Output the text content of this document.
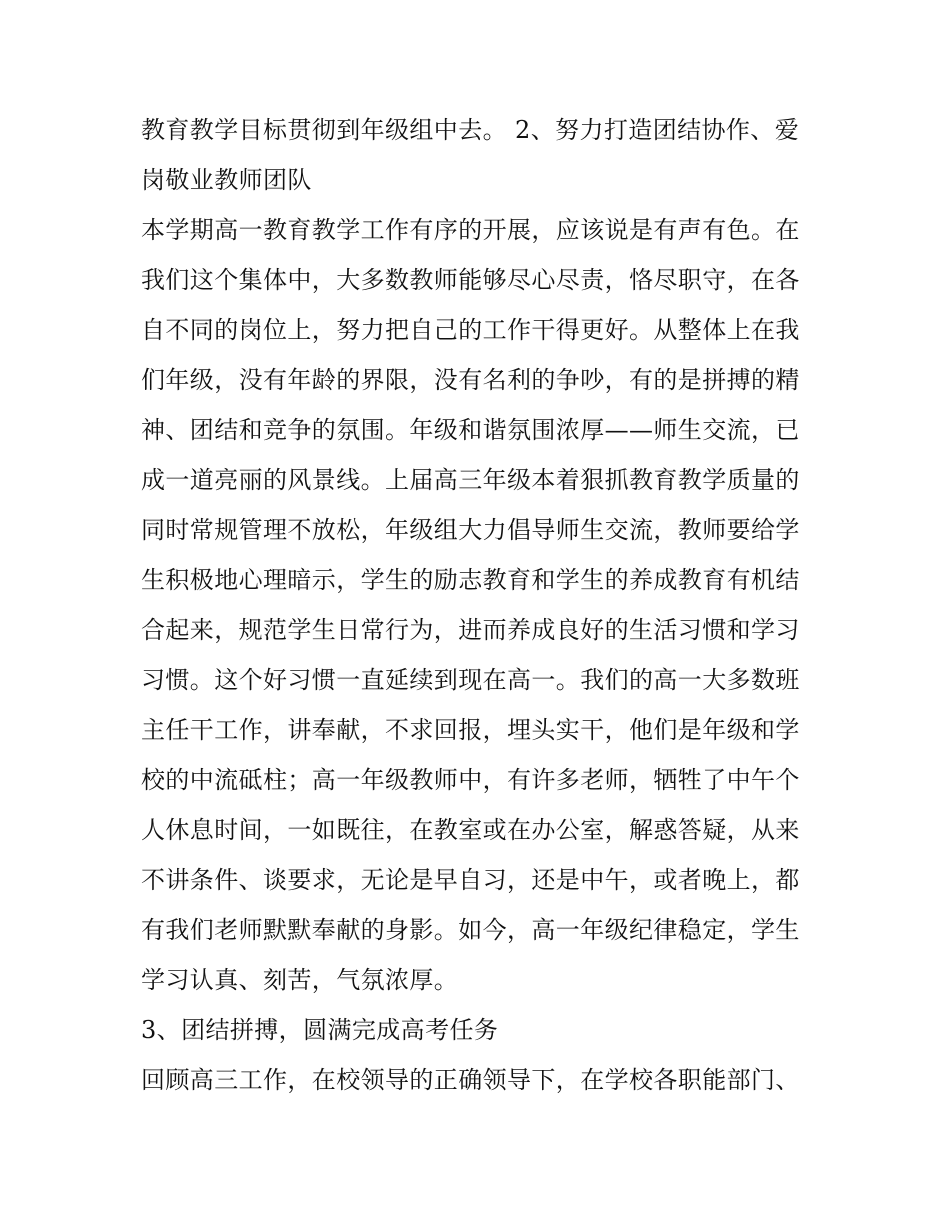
教育教学目标贯彻到年级组中去。 2、努力打造团结协作、爱
岗敬业教师团队
本学期高一教育教学工作有序的开展，应该说是有声有色。在
我们这个集体中，大多数教师能够尽心尽责，恪尽职守，在各
自不同的岗位上，努力把自己的工作干得更好。从整体上在我
们年级，没有年龄的界限，没有名利的争吵，有的是拼搏的精
神、团结和竞争的氛围。年级和谐氛围浓厚——师生交流，已
成一道亮丽的风景线。上届高三年级本着狠抓教育教学质量的
同时常规管理不放松，年级组大力倡导师生交流，教师要给学
生积极地心理暗示，学生的励志教育和学生的养成教育有机结
合起来，规范学生日常行为，进而养成良好的生活习惯和学习
习惯。这个好习惯一直延续到现在高一。我们的高一大多数班
主任干工作，讲奉献，不求回报，埋头实干，他们是年级和学
校的中流砥柱；高一年级教师中，有许多老师，牺牲了中午个
人休息时间，一如既往，在教室或在办公室，解惑答疑，从来
不讲条件、谈要求，无论是早自习，还是中午，或者晚上，都
有我们老师默默奉献的身影。如今，高一年级纪律稳定，学生
学习认真、刻苦，气氛浓厚。
3、团结拼搏，圆满完成高考任务
回顾高三工作，在校领导的正确领导下，在学校各职能部门、
